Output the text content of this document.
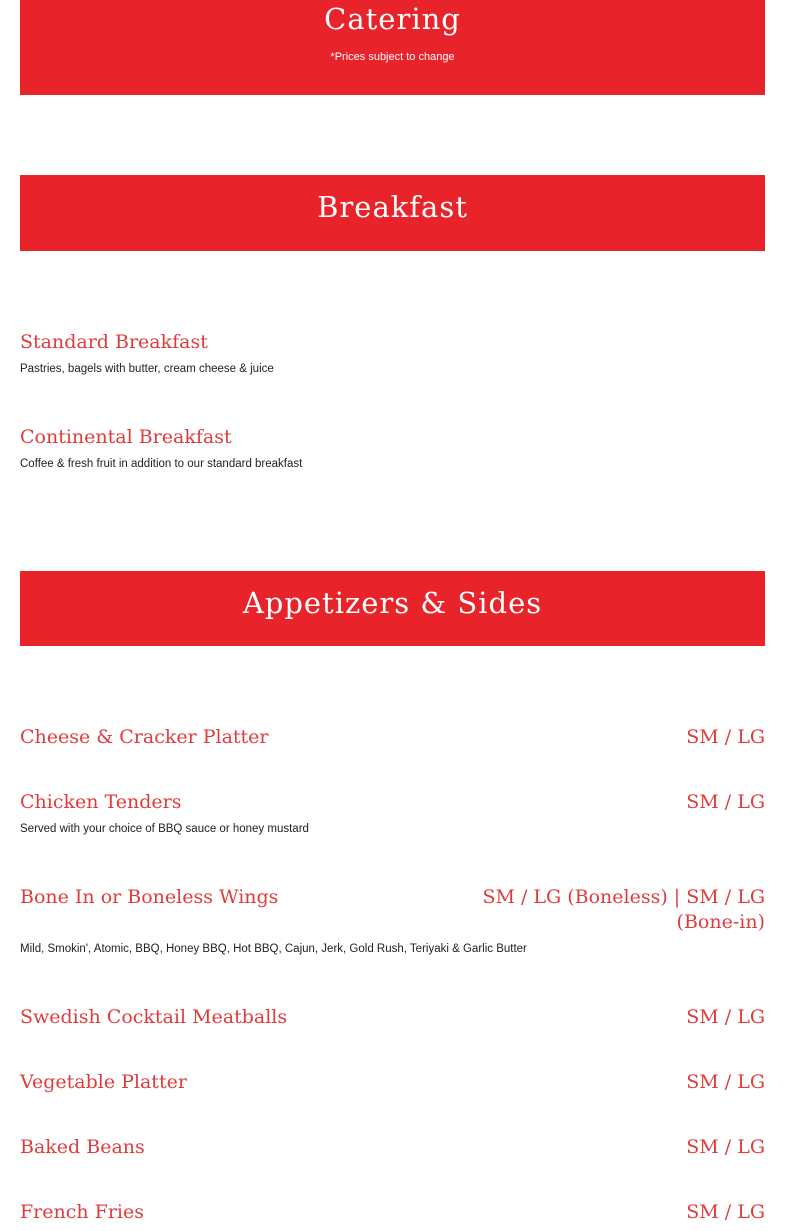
Catering
*Prices subject to change
Breakfast
Standard Breakfast
Pastries, bagels with butter, cream cheese & juice
Continental Breakfast
Coffee & fresh fruit in addition to our standard breakfast
Appetizers & Sides
Cheese & Cracker Platter	SM / LG
Chicken Tenders	SM / LG
Served with your choice of BBQ sauce or honey mustard
Bone In or Boneless Wings	SM / LG (Boneless) | SM / LG (Bone-in)
Mild, Smokin', Atomic, BBQ, Honey BBQ, Hot BBQ, Cajun, Jerk, Gold Rush, Teriyaki & Garlic Butter
Swedish Cocktail Meatballs	SM / LG
Vegetable Platter	SM / LG
Baked Beans	SM / LG
French Fries	SM / LG
